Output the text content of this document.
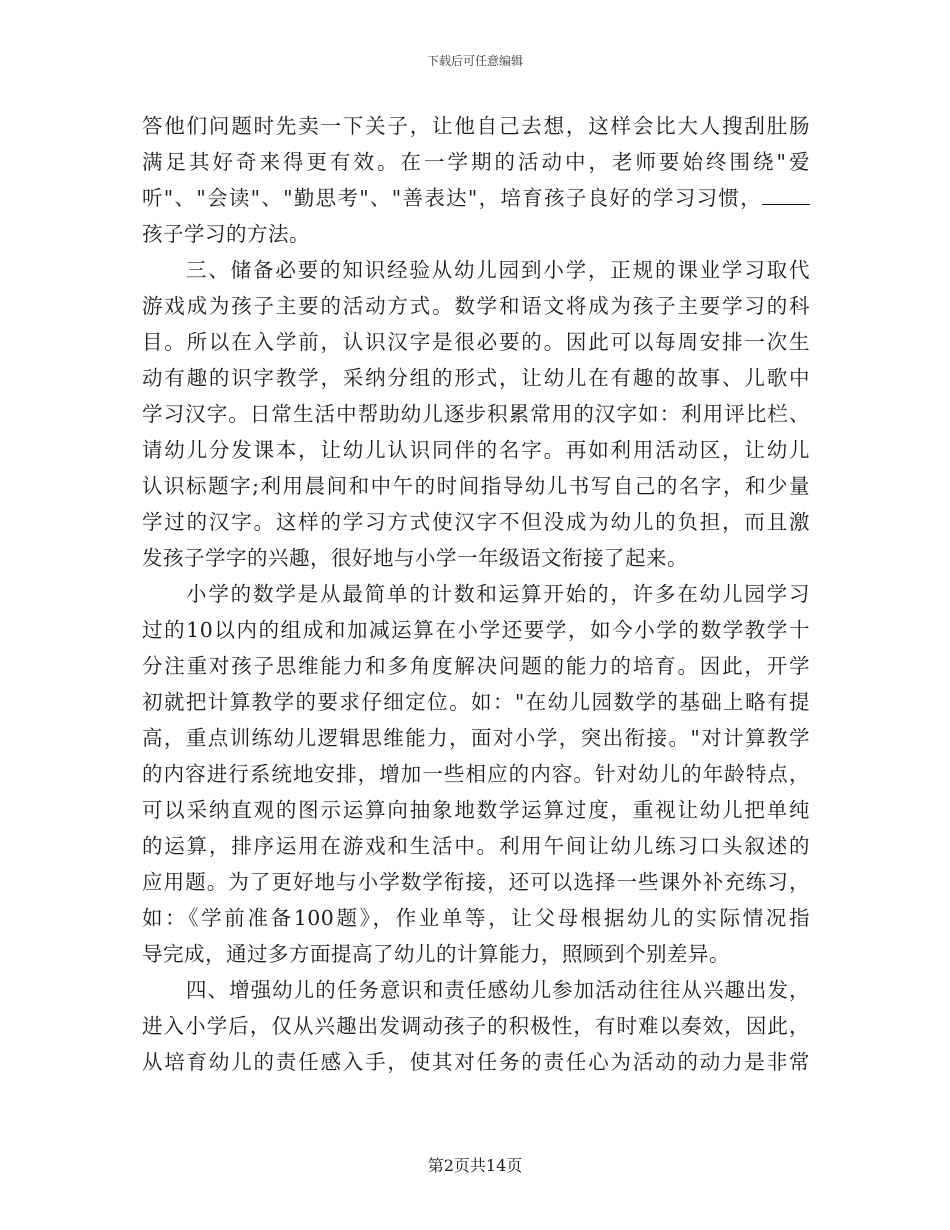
下载后可任意编辑
答他们问题时先卖一下关子，让他自己去想，这样会比大人搜刮肚肠
满足其好奇来得更有效。在一学期的活动中，老师要始终围绕"爱
听"、"会读"、"勤思考"、"善表达"，培育孩子良好的学习习惯，
孩子学习的方法。
三、储备必要的知识经验从幼儿园到小学，正规的课业学习取代
游戏成为孩子主要的活动方式。数学和语文将成为孩子主要学习的科
目。所以在入学前，认识汉字是很必要的。因此可以每周安排一次生
动有趣的识字教学，采纳分组的形式，让幼儿在有趣的故事、儿歌中
学习汉字。日常生活中帮助幼儿逐步积累常用的汉字如：利用评比栏、
请幼儿分发课本，让幼儿认识同伴的名字。再如利用活动区，让幼儿
认识标题字;利用晨间和中午的时间指导幼儿书写自己的名字，和少量
学过的汉字。这样的学习方式使汉字不但没成为幼儿的负担，而且激
发孩子学字的兴趣，很好地与小学一年级语文衔接了起来。
小学的数学是从最简单的计数和运算开始的，许多在幼儿园学习
过的10以内的组成和加减运算在小学还要学，如今小学的数学教学十
分注重对孩子思维能力和多角度解决问题的能力的培育。因此，开学
初就把计算教学的要求仔细定位。如："在幼儿园数学的基础上略有提
高，重点训练幼儿逻辑思维能力，面对小学，突出衔接。"对计算教学
的内容进行系统地安排，增加一些相应的内容。针对幼儿的年龄特点，
可以采纳直观的图示运算向抽象地数学运算过度，重视让幼儿把单纯
的运算，排序运用在游戏和生活中。利用午间让幼儿练习口头叙述的
应用题。为了更好地与小学数学衔接，还可以选择一些课外补充练习，
如：《学前准备100题》，作业单等，让父母根据幼儿的实际情况指
导完成，通过多方面提高了幼儿的计算能力，照顾到个别差异。
四、增强幼儿的任务意识和责任感幼儿参加活动往往从兴趣出发，
进入小学后，仅从兴趣出发调动孩子的积极性，有时难以奏效，因此，
从培育幼儿的责任感入手，使其对任务的责任心为活动的动力是非常
第2页共14页
